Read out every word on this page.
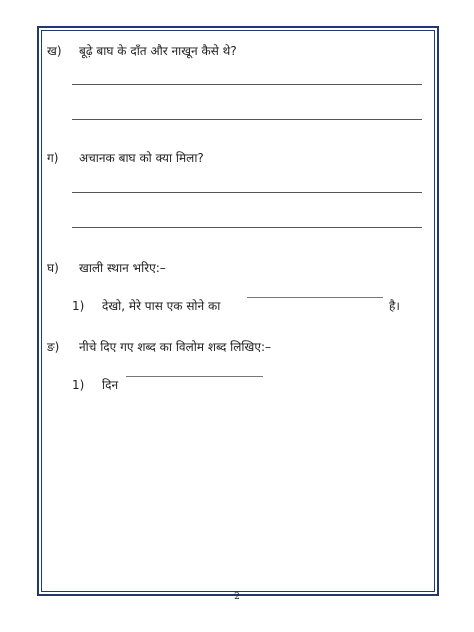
ख) बूढ़े बाघ के दाँत और नाखून कैसे थे?
ग) अचानक बाघ को क्या मिला?
घ) खाली स्थान भरिए:–
1) देखो, मेरे पास एक सोने का	है।
ङ) नीचे दिए गए शब्द का विलोम शब्द लिखिए:–
1) दिन
2
